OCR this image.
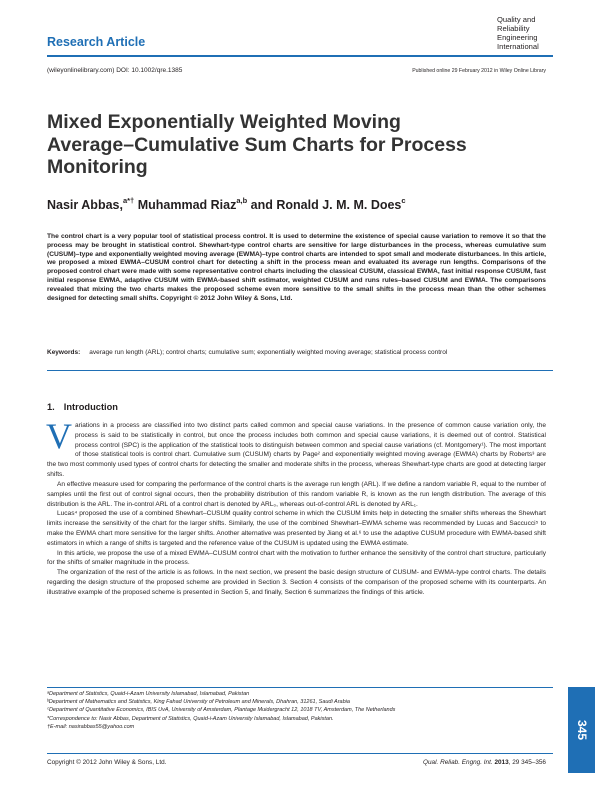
Research Article
Quality and
Reliability
Engineering
International
(wileyonlinelibrary.com) DOI: 10.1002/qre.1385	Published online 29 February 2012 in Wiley Online Library
Mixed Exponentially Weighted Moving Average–Cumulative Sum Charts for Process Monitoring
Nasir Abbas,$^{a*\dagger}$ Muhammad Riaz$^{a,b}$ and Ronald J. M. M. Does$^c$
The control chart is a very popular tool of statistical process control. It is used to determine the existence of special cause variation to remove it so that the process may be brought in statistical control. Shewhart-type control charts are sensitive for large disturbances in the process, whereas cumulative sum (CUSUM)–type and exponentially weighted moving average (EWMA)–type control charts are intended to spot small and moderate disturbances. In this article, we proposed a mixed EWMA–CUSUM control chart for detecting a shift in the process mean and evaluated its average run lengths. Comparisons of the proposed control chart were made with some representative control charts including the classical CUSUM, classical EWMA, fast initial response CUSUM, fast initial response EWMA, adaptive CUSUM with EWMA-based shift estimator, weighted CUSUM and runs rules–based CUSUM and EWMA. The comparisons revealed that mixing the two charts makes the proposed scheme even more sensitive to the small shifts in the process mean than the other schemes designed for detecting small shifts. Copyright © 2012 John Wiley & Sons, Ltd.
Keywords: average run length (ARL); control charts; cumulative sum; exponentially weighted moving average; statistical process control
1. Introduction

Variations in a process are classified into two distinct parts called common and special cause variations. In the presence of common cause variation only, the process is said to be statistically in control, but once the process includes both common and special cause variations, it is deemed out of control. Statistical process control (SPC) is the application of the statistical tools to distinguish between common and special cause variations (cf. Montgomery¹). The most important of those statistical tools is control chart. Cumulative sum (CUSUM) charts by Page² and exponentially weighted moving average (EWMA) charts by Roberts³ are the two most commonly used types of control charts for detecting the smaller and moderate shifts in the process, whereas Shewhart-type charts are good at detecting larger shifts.

An effective measure used for comparing the performance of the control charts is the average run length (ARL). If we define a random variable R, equal to the number of samples until the first out of control signal occurs, then the probability distribution of this random variable R, is known as the run length distribution. The average of this distribution is the ARL. The in-control ARL of a control chart is denoted by ARL₀, whereas out-of-control ARL is denoted by ARL₁.

Lucas⁴ proposed the use of a combined Shewhart–CUSUM quality control scheme in which the CUSUM limits help in detecting the smaller shifts whereas the Shewhart limits increase the sensitivity of the chart for the larger shifts. Similarly, the use of the combined Shewhart–EWMA scheme was recommended by Lucas and Saccucci⁵ to make the EWMA chart more sensitive for the larger shifts. Another alternative was presented by Jiang et al.⁶ to use the adaptive CUSUM procedure with EWMA-based shift estimators in which a range of shifts is targeted and the reference value of the CUSUM is updated using the EWMA estimate.

In this article, we propose the use of a mixed EWMA–CUSUM control chart with the motivation to further enhance the sensitivity of the control chart structure, particularly for the shifts of smaller magnitude in the process.

The organization of the rest of the article is as follows. In the next section, we present the basic design structure of CUSUM- and EWMA-type control charts. The details regarding the design structure of the proposed scheme are provided in Section 3. Section 4 consists of the comparison of the proposed scheme with its counterparts. An illustrative example of the proposed scheme is presented in Section 5, and finally, Section 6 summarizes the findings of this article.

ᵃDepartment of Statistics, Quaid-i-Azam University Islamabad, Islamabad, Pakistan
ᵇDepartment of Mathematics and Statistics, King Fahad University of Petroleum and Minerals, Dhahran, 31261, Saudi Arabia
ᶜDepartment of Quantitative Economics, IBIS UvA, University of Amsterdam, Plantage Muidergracht 12, 1018 TV, Amsterdam, The Netherlands
*Correspondence to: Nasir Abbas, Department of Statistics, Quaid-i-Azam University Islamabad, Islamabad, Pakistan.
†E-mail: nasirabbas55@yahoo.com	345
Copyright © 2012 John Wiley & Sons, Ltd.	Qual. Reliab. Engng. Int. 2013, 29 345–356
